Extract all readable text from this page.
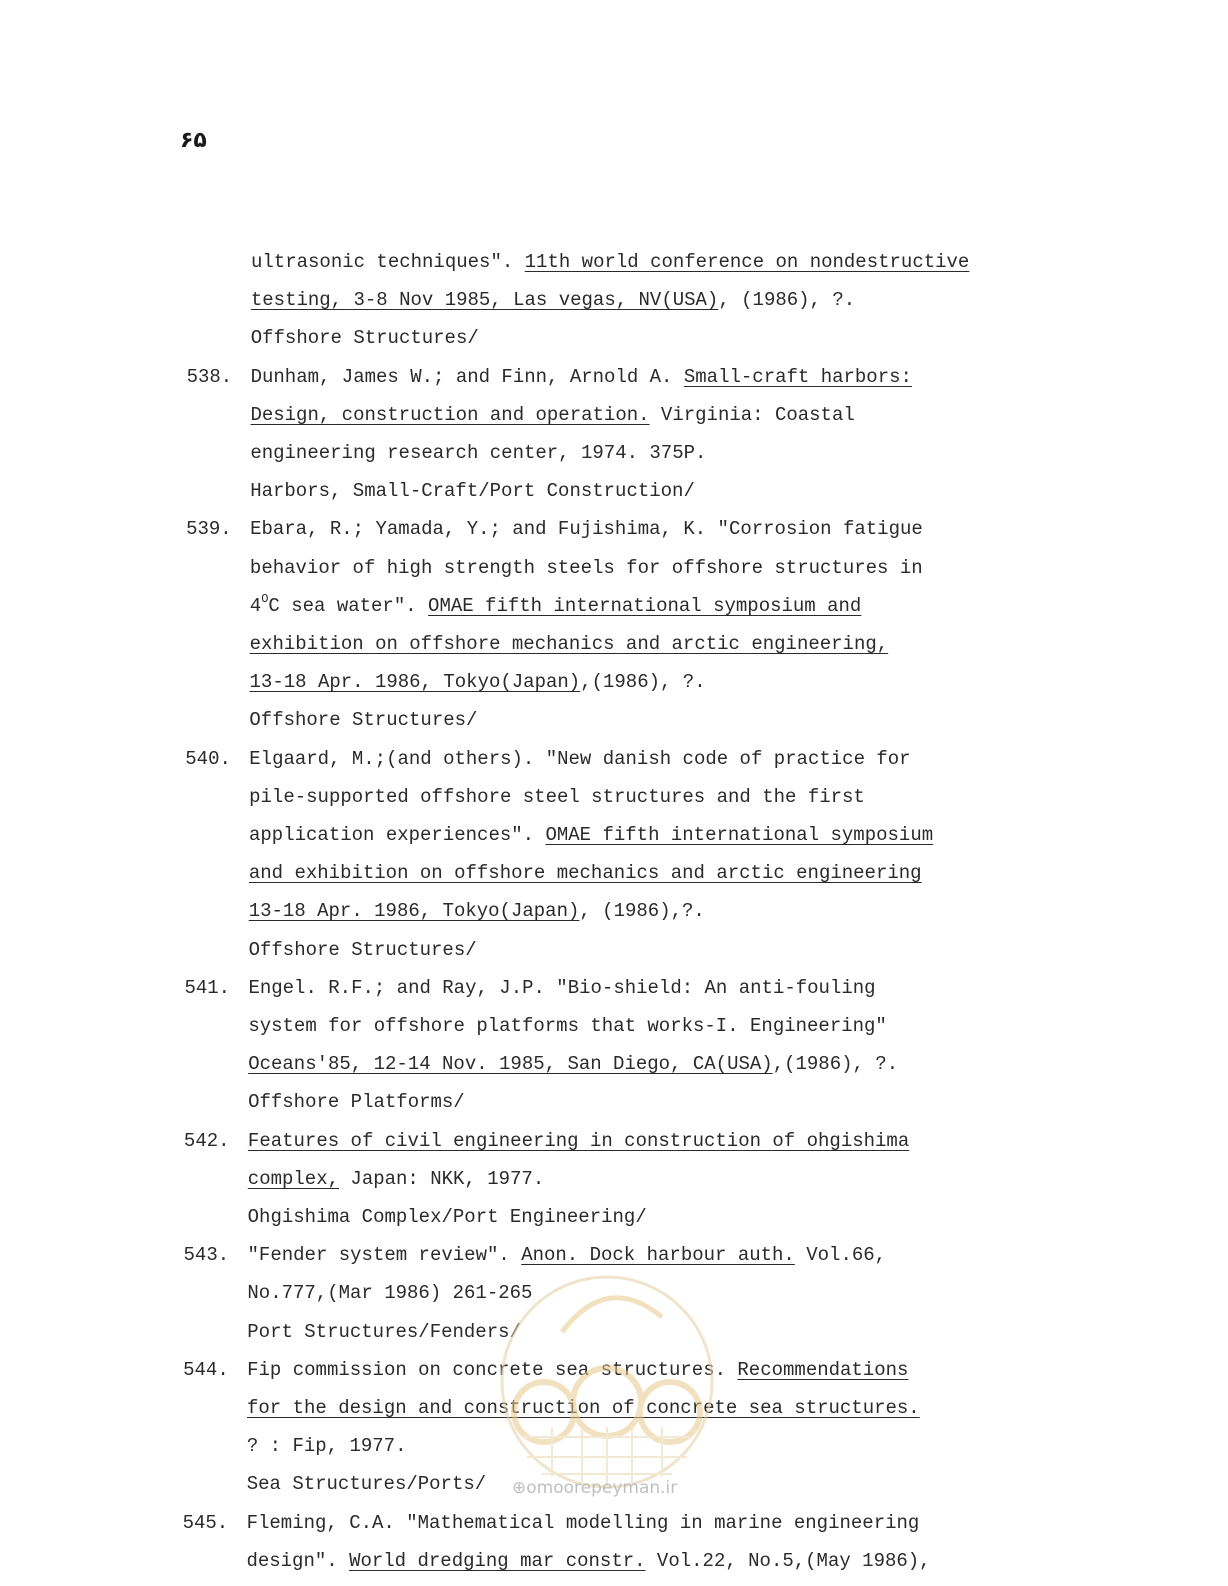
۶۵
ultrasonic techniques". 11th world conference on nondestructive
testing, 3-8 Nov 1985, Las vegas, NV(USA), (1986), ?.
Offshore Structures/
538. Dunham, James W.; and Finn, Arnold A. Small-craft harbors:
Design, construction and operation. Virginia: Coastal
engineering research center, 1974. 375P.
Harbors, Small-Craft/Port Construction/
539. Ebara, R.; Yamada, Y.; and Fujishima, K. "Corrosion fatigue
behavior of high strength steels for offshore structures in
$4^OC$ sea water". OMAE fifth international symposium and
exhibition on offshore mechanics and arctic engineering,
13-18 Apr. 1986, Tokyo(Japan),(1986), ?.
Offshore Structures/
540. Elgaard, M.;(and others). "New danish code of practice for
pile-supported offshore steel structures and the first
application experiences". OMAE fifth international symposium
and exhibition on offshore mechanics and arctic engineering
13-18 Apr. 1986, Tokyo(Japan), (1986),?.
Offshore Structures/
541. Engel. R.F.; and Ray, J.P. "Bio-shield: An anti-fouling
system for offshore platforms that works-I. Engineering"
Oceans'85, 12-14 Nov. 1985, San Diego, CA(USA),(1986), ?.
Offshore Platforms/
542. Features of civil engineering in construction of ohgishima
complex, Japan: NKK, 1977.
Ohgishima Complex/Port Engineering/
543. "Fender system review". Anon. Dock harbour auth. Vol.66,
No.777,(Mar 1986) 261-265
Port Structures/Fenders/
544. Fip commission on concrete sea structures. Recommendations
for the design and construction of concrete sea structures.
? : Fip, 1977.
Sea Structures/Ports/
545. Fleming, C.A. "Mathematical modelling in marine engineering
design". World dredging mar constr. Vol.22, No.5,(May 1986),
⊕omoorepeyman.ir
